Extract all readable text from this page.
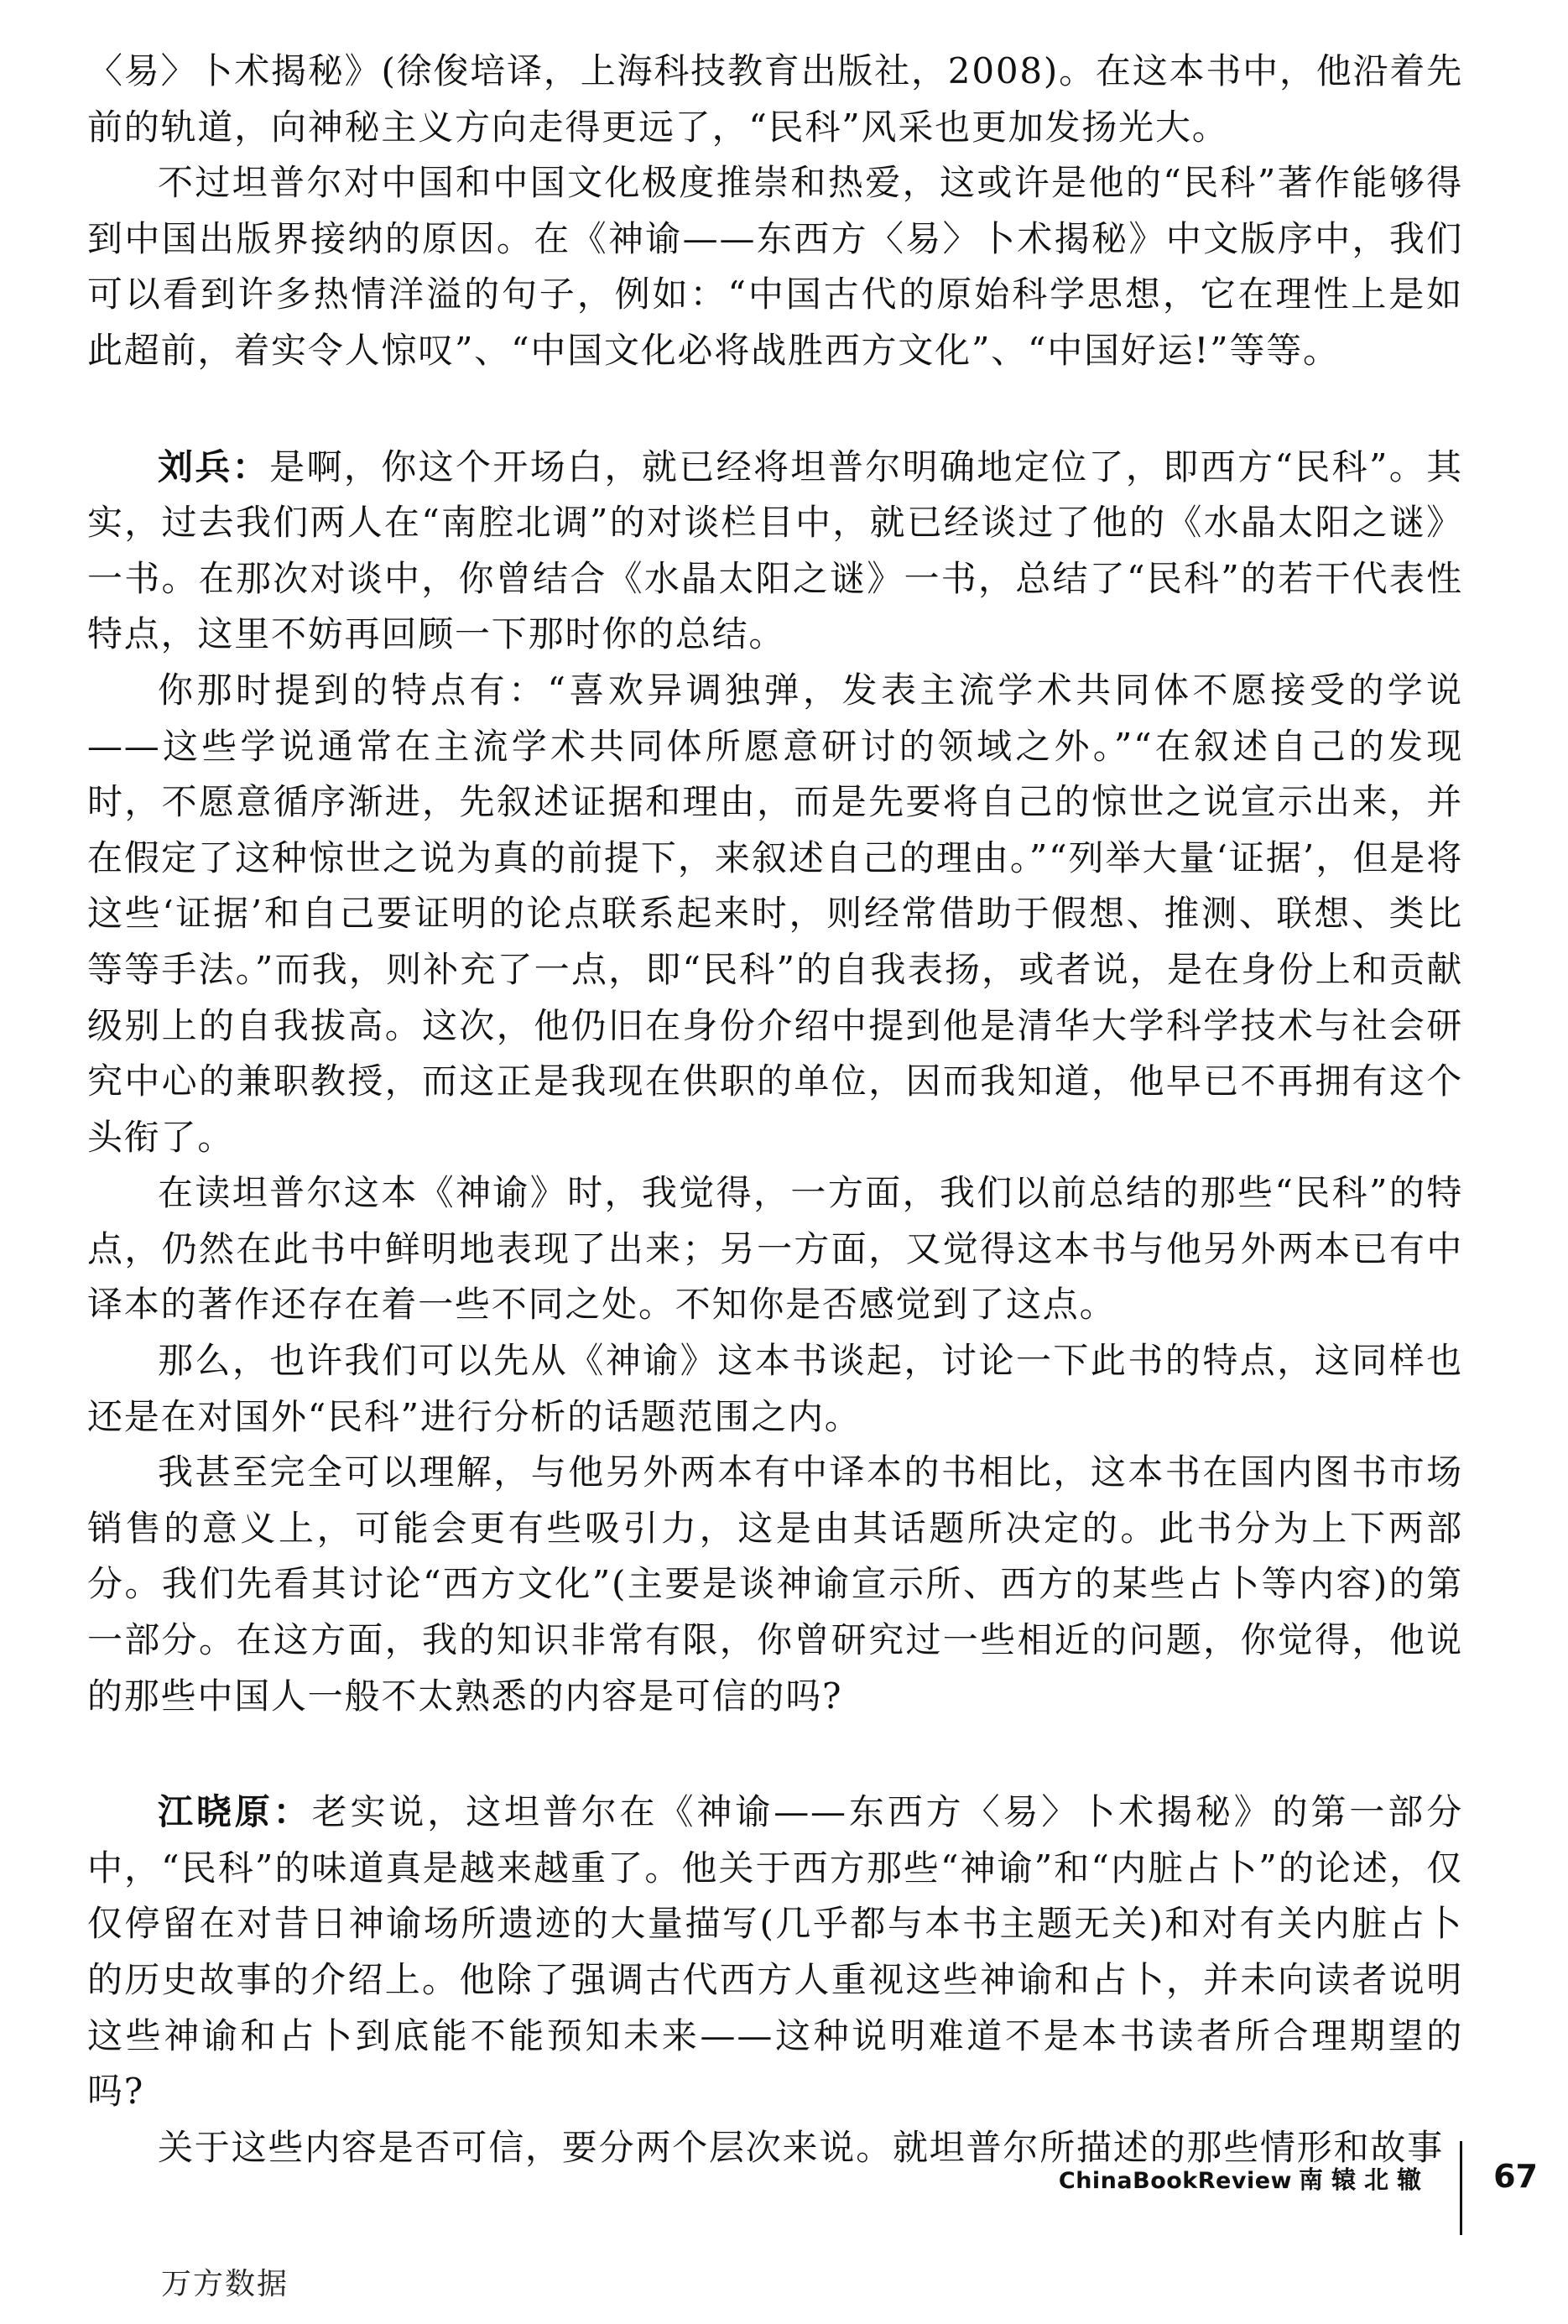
〈易〉卜术揭秘》(徐俊培译，上海科技教育出版社，2008)。在这本书中，他沿着先前的轨道，向神秘主义方向走得更远了，“民科”风采也更加发扬光大。

不过坦普尔对中国和中国文化极度推崇和热爱，这或许是他的“民科”著作能够得到中国出版界接纳的原因。在《神谕——东西方〈易〉卜术揭秘》中文版序中，我们可以看到许多热情洋溢的句子，例如：“中国古代的原始科学思想，它在理性上是如此超前，着实令人惊叹”、“中国文化必将战胜西方文化”、“中国好运!”等等。

刘兵：是啊，你这个开场白，就已经将坦普尔明确地定位了，即西方“民科”。其实，过去我们两人在“南腔北调”的对谈栏目中，就已经谈过了他的《水晶太阳之谜》一书。在那次对谈中，你曾结合《水晶太阳之谜》一书，总结了“民科”的若干代表性特点，这里不妨再回顾一下那时你的总结。

你那时提到的特点有：“喜欢异调独弹，发表主流学术共同体不愿接受的学说——这些学说通常在主流学术共同体所愿意研讨的领域之外。”“在叙述自己的发现时，不愿意循序渐进，先叙述证据和理由，而是先要将自己的惊世之说宣示出来，并在假定了这种惊世之说为真的前提下，来叙述自己的理由。”“列举大量‘证据’，但是将这些‘证据’和自己要证明的论点联系起来时，则经常借助于假想、推测、联想、类比等等手法。”而我，则补充了一点，即“民科”的自我表扬，或者说，是在身份上和贡献级别上的自我拔高。这次，他仍旧在身份介绍中提到他是清华大学科学技术与社会研究中心的兼职教授，而这正是我现在供职的单位，因而我知道，他早已不再拥有这个头衔了。

在读坦普尔这本《神谕》时，我觉得，一方面，我们以前总结的那些“民科”的特点，仍然在此书中鲜明地表现了出来；另一方面，又觉得这本书与他另外两本已有中译本的著作还存在着一些不同之处。不知你是否感觉到了这点。

那么，也许我们可以先从《神谕》这本书谈起，讨论一下此书的特点，这同样也还是在对国外“民科”进行分析的话题范围之内。

我甚至完全可以理解，与他另外两本有中译本的书相比，这本书在国内图书市场销售的意义上，可能会更有些吸引力，这是由其话题所决定的。此书分为上下两部分。我们先看其讨论“西方文化”(主要是谈神谕宣示所、西方的某些占卜等内容)的第一部分。在这方面，我的知识非常有限，你曾研究过一些相近的问题，你觉得，他说的那些中国人一般不太熟悉的内容是可信的吗?

江晓原：老实说，这坦普尔在《神谕——东西方〈易〉卜术揭秘》的第一部分中，“民科”的味道真是越来越重了。他关于西方那些“神谕”和“内脏占卜”的论述，仅仅停留在对昔日神谕场所遗迹的大量描写(几乎都与本书主题无关)和对有关内脏占卜的历史故事的介绍上。他除了强调古代西方人重视这些神谕和占卜，并未向读者说明这些神谕和占卜到底能不能预知未来——这种说明难道不是本书读者所合理期望的吗?

关于这些内容是否可信，要分两个层次来说。就坦普尔所描述的那些情形和故事

ChinaBookReview 南辕北辙 67
万方数据
